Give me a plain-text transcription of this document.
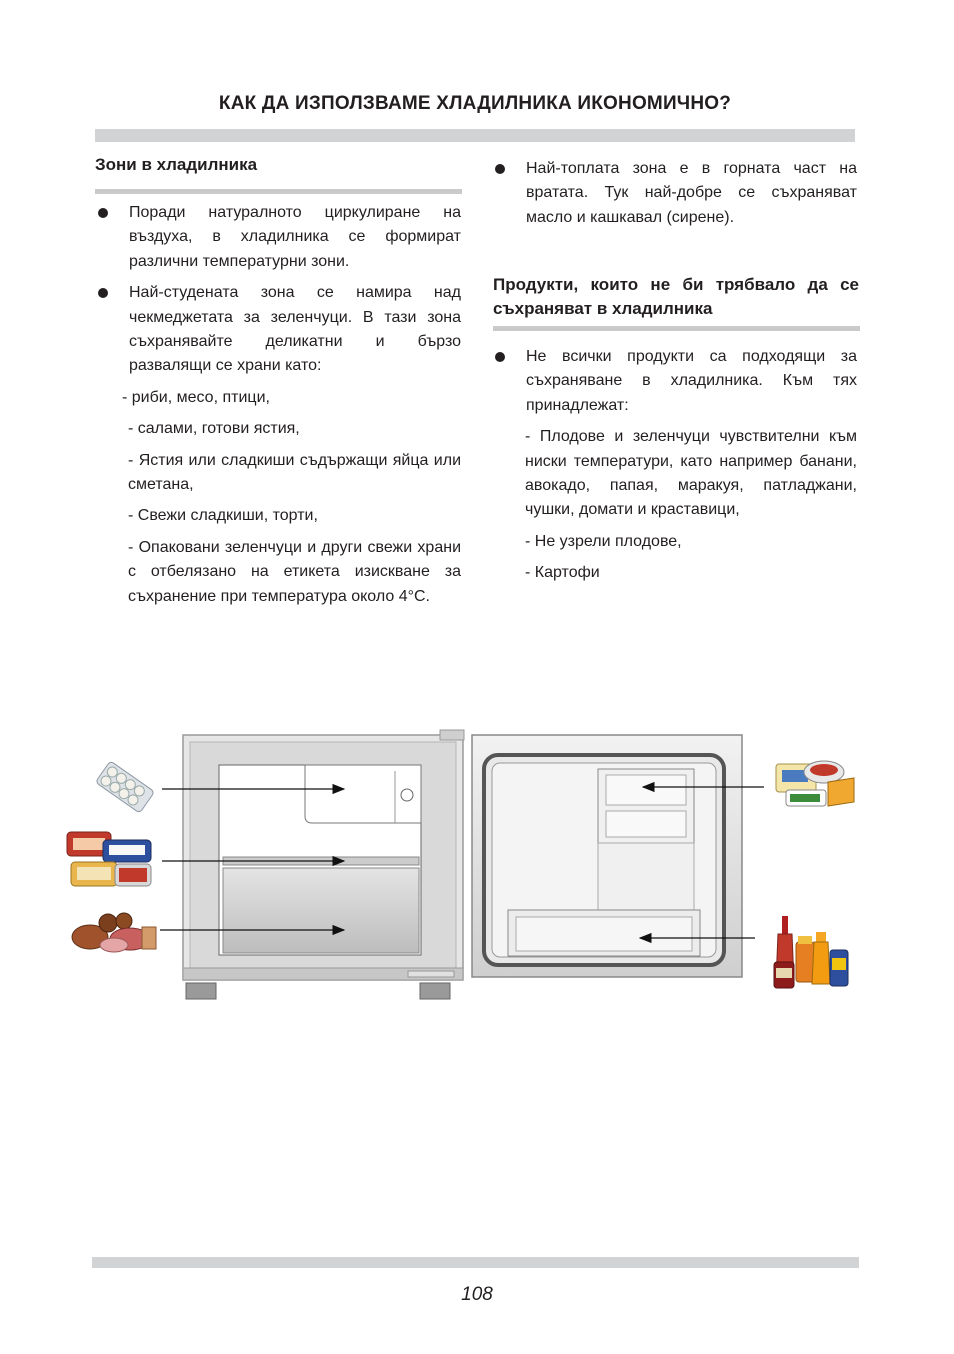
КАК ДА ИЗПОЛЗВАМЕ ХЛАДИЛНИКА ИКОНОМИЧНО?
Зони в хладилника
Поради натуралното циркулиране на въздуха, в хладилника се формират различни температурни зони.
Най-студената зона се намира над чекмеджетата за зеленчуци. В тази зона съхранявайте деликатни и бързо развалящи се храни като:
- риби, месо, птици,
- салами, готови ястия,
- Ястия или сладкиши съдържащи яйца или сметана,
- Свежи сладкиши, торти,
- Опаковани зеленчуци и други свежи храни с отбелязано на етикета изискване за съхранение при температура около 4°C.
Най-топлата зона е в горната част на вратата. Тук най-добре се съхраняват масло и кашкавал (сирене).
Продукти, които не би трябвало да се съхраняват в хладилника
Не всички продукти са подходящи за съхраняване в хладилника. Към тях принадлежат:
- Плодове и зеленчуци чувствителни към ниски температури, като например банани, авокадо, папая, маракуя, патладжани, чушки, домати и краставици,
- Не узрели плодове,
- Картофи
108
